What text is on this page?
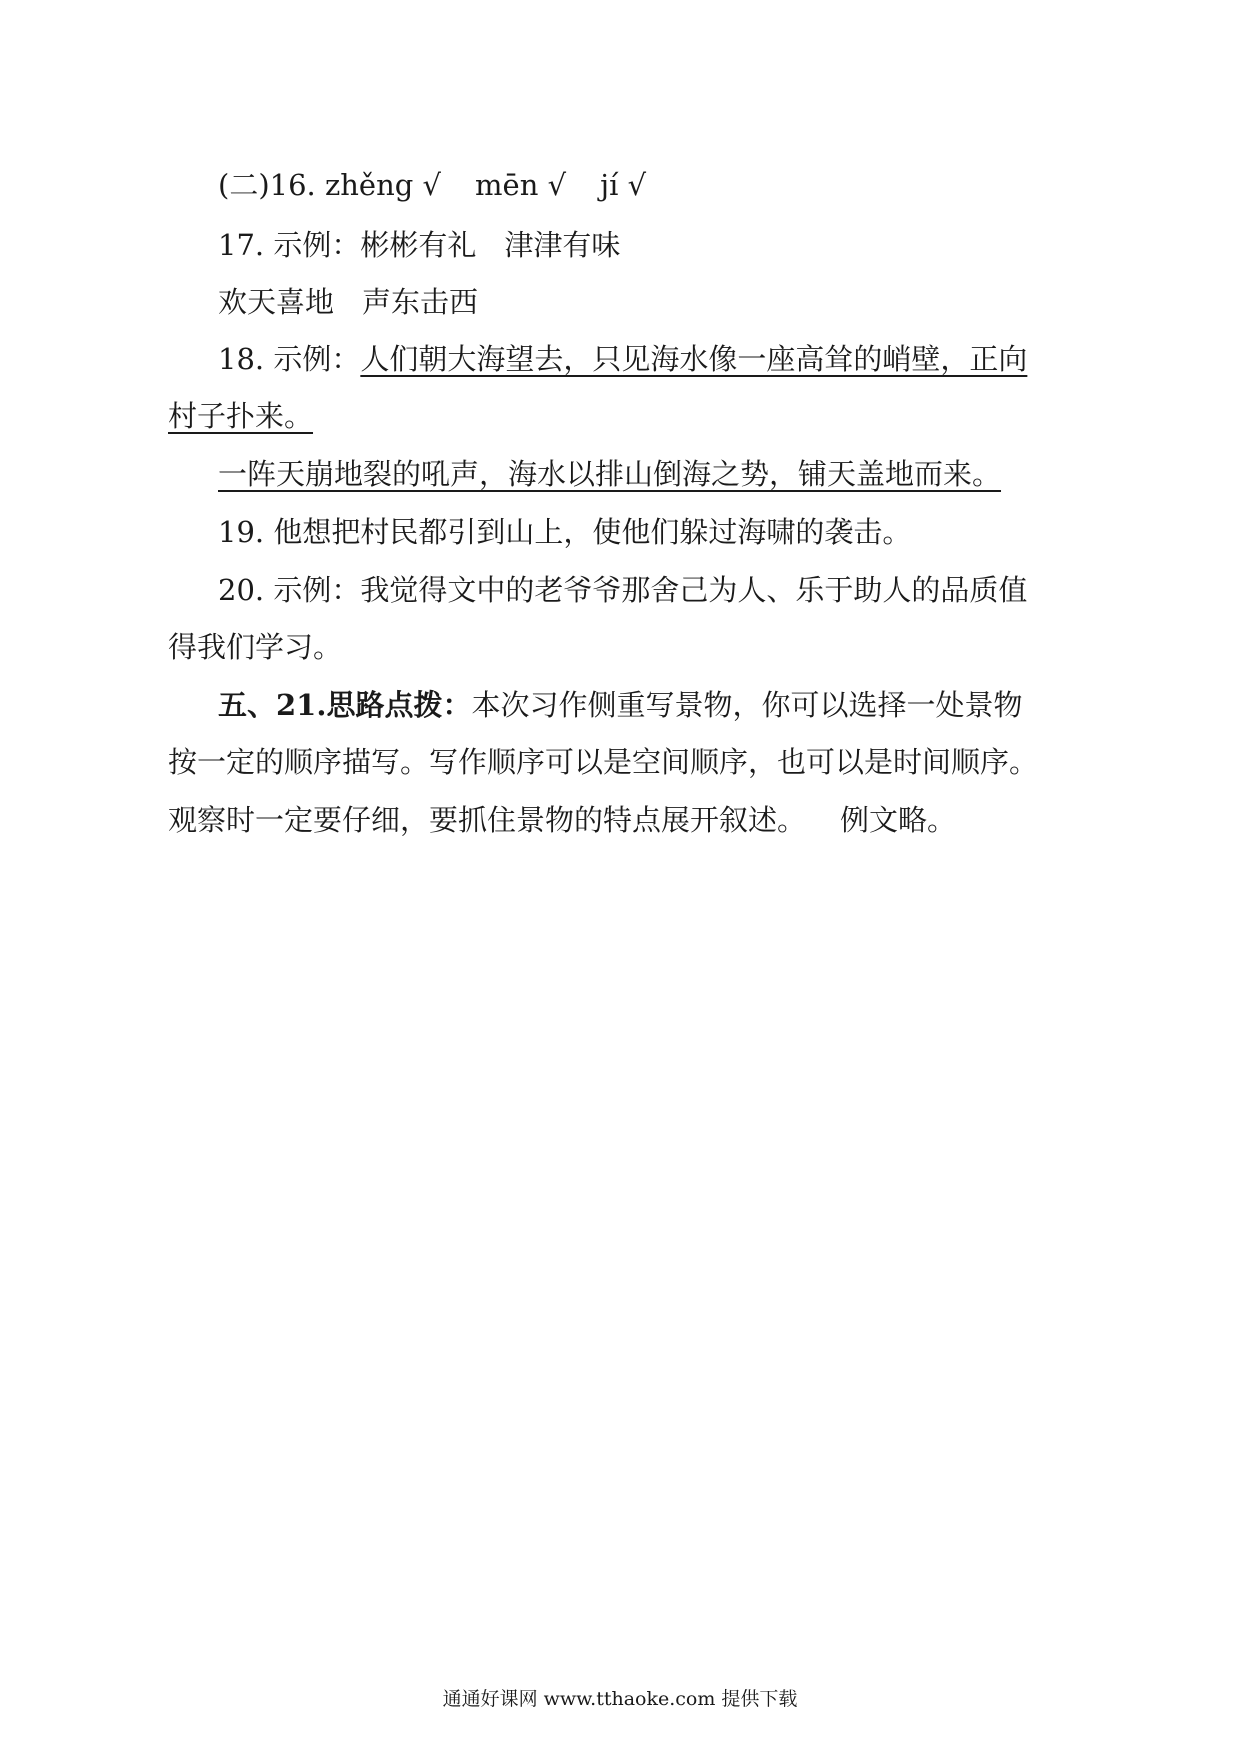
(二)16. zhěng √ mēn √ jí √
17. 示例：彬彬有礼 津津有味
欢天喜地 声东击西
18. 示例：人们朝大海望去，只见海水像一座高耸的峭壁，正向
村子扑来。
一阵天崩地裂的吼声，海水以排山倒海之势，铺天盖地而来。
19. 他想把村民都引到山上，使他们躲过海啸的袭击。
20. 示例：我觉得文中的老爷爷那舍己为人、乐于助人的品质值
得我们学习。
五、21.思路点拨：本次习作侧重写景物，你可以选择一处景物
按一定的顺序描写。写作顺序可以是空间顺序，也可以是时间顺序。
观察时一定要仔细，要抓住景物的特点展开叙述。 例文略。
通通好课网 www.tthaoke.com 提供下载
